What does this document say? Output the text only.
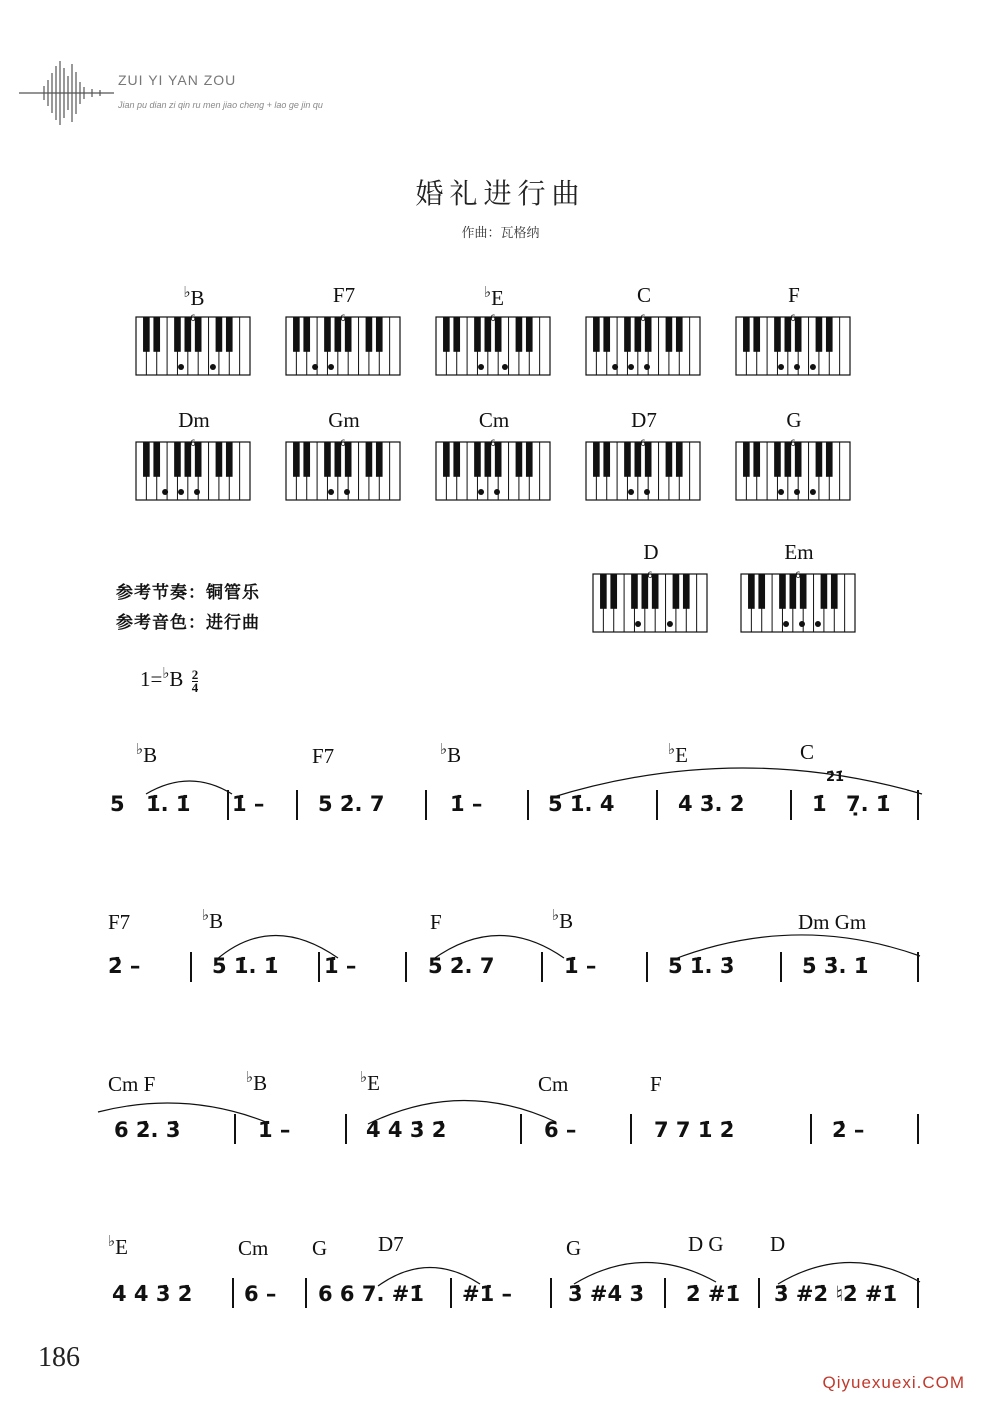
ZUI YI YAN ZOU
Jian pu dian zi qin ru men jiao cheng + lao ge jin qu
婚礼进行曲
作曲：瓦格纳
♭B
6
F7
6
♭E
6
C
6
F
6
Dm
6
Gm
6
Cm
6
D7
6
G
6
D
6
Em
6
参考节奏：铜管乐
参考音色：进行曲
$1=^♭B \frac{2}{4}$
♭B	F7	♭B	♭E	C
5 1̇. 1̇ 1̇ –	5 2̇. 7	1̇ –	5 1̇. 4̇	4̇ 3̇. 2̇	1̇
2̇1̇
7̣. 1̇
F7	♭B	F	♭B	Dm Gm
2̇ –	5 1̇. 1̇ 1̇ –	5 2̇. 7	1̇ –	5 1̇. 3̇	5̇ 3̇. 1̇
Cm F	♭B	♭E	Cm	F
6 2̇. 3̇	1̇ –	4̇ 4̇ 3̇ 2̇	6 –	7 7 1̇ 2̇	2̇ –
♭E	Cm G D7	G	D G D
4̇ 4̇ 3̇ 2̇ 6 – 6 6 7. #1̇ #1̇ –	3̇ #4̇ 3̇ 2̇ #1̇ 3̇ #2̇ ♮2̇ #1̇
186
Qiyuexuexi.COM
